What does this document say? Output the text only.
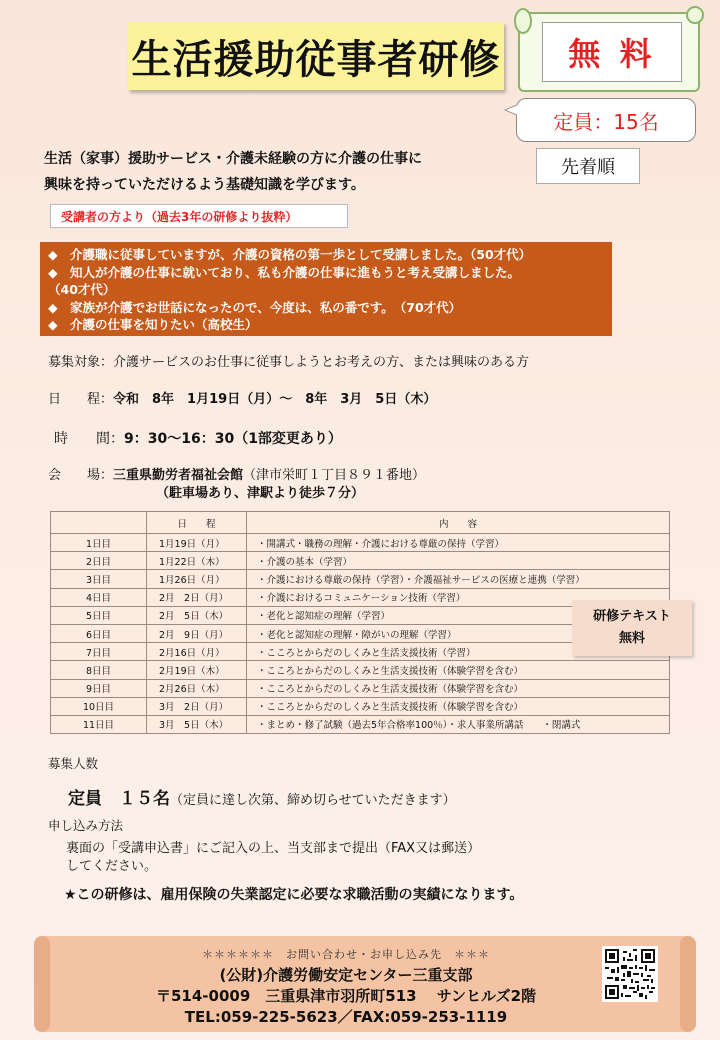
生活援助従事者研修	無 料
定員：15名
先着順
生活（家事）援助サービス・介護未経験の方に介護の仕事に
興味を持っていただけるよう基礎知識を学びます。
受講者の方より（過去3年の研修より抜粋）
◆ 介護職に従事していますが、介護の資格の第一歩として受講しました。（50才代）
◆ 知人が介護の仕事に就いており、私も介護の仕事に進もうと考え受講しました。
（40才代）
◆ 家族が介護でお世話になったので、今度は、私の番です。　（70才代）
◆ 介護の仕事を知りたい（高校生）
募集対象：介護サービスのお仕事に従事しようとお考えの方、または興味のある方
日　　程：令和　8年　1月19日（月）～　8年　3月　5日（木）
時　　間：9：30～16：30（1部変更あり）
会　　場：三重県勤労者福祉会館（津市栄町１丁目８９１番地）
（駐車場あり、津駅より徒歩７分）
	日　　程	内　　容
1日目	1月19日（月）	・開講式・職務の理解・介護における尊厳の保持（学習）
2日目	1月22日（木）	・介護の基本（学習）
3日目	1月26日（月）	・介護における尊厳の保持（学習）・介護福祉サービスの医療と連携（学習）
4日目	2月　2日（月）	・介護におけるコミュニケーション技術（学習）
5日目	2月　5日（木）	・老化と認知症の理解（学習）
6日目	2月　9日（月）	・老化と認知症の理解・障がいの理解（学習）
7日目	2月16日（月）	・こころとからだのしくみと生活支援技術（学習）
8日目	2月19日（木）	・こころとからだのしくみと生活支援技術（体験学習を含む）
9日目	2月26日（木）	・こころとからだのしくみと生活支援技術（体験学習を含む）
10日目	3月　2日（月）	・こころとからだのしくみと生活支援技術（体験学習を含む）
11日目	3月　5日（木）	・まとめ・修了試験（過去5年合格率100％）・求人事業所講話　　・閉講式
研修テキスト
無料
募集人数
定員　１５名（定員に達し次第、締め切らせていただきます）
申し込み方法
裏面の「受講申込書」にご記入の上、当支部まで提出（FAX又は郵送）
してください。
★この研修は、雇用保険の失業認定に必要な求職活動の実績になります。
＊＊＊＊＊＊　お問い合わせ・お申し込み先　＊＊＊
(公財)介護労働安定センター三重支部
〒514-0009　三重県津市羽所町513　 サンヒルズ2階
TEL:059-225-5623／FAX:059-253-1119
